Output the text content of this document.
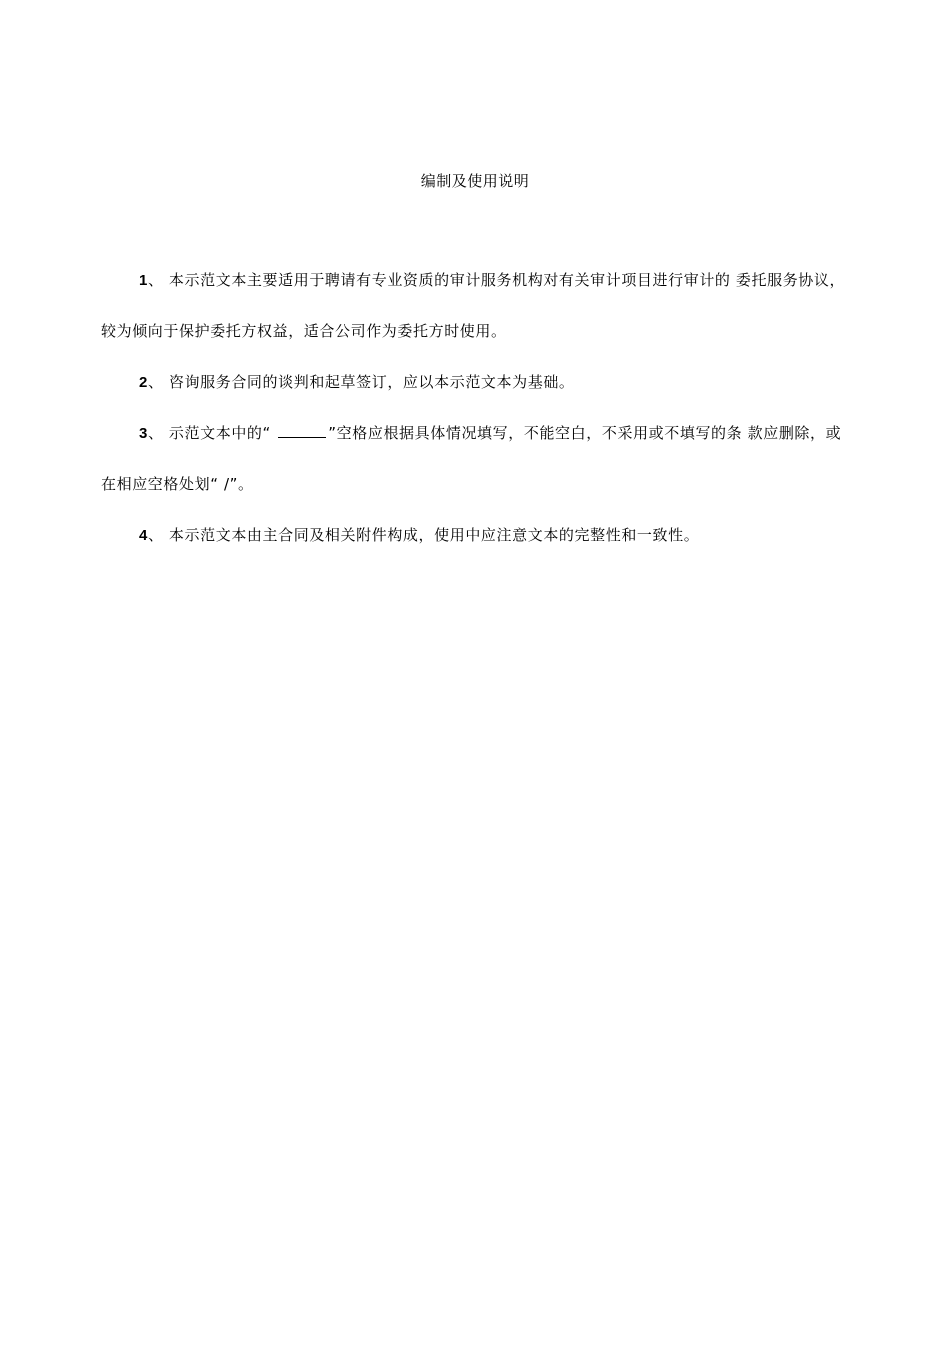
编制及使用说明

1、 本示范文本主要适用于聘请有专业资质的审计服务机构对有关审计项目进行审计的 委托服务协议，较为倾向于保护委托方权益，适合公司作为委托方时使用。

2、 咨询服务合同的谈判和起草签订，应以本示范文本为基础。

3、 示范文本中的“	”空格应根据具体情况填写，不能空白，不采用或不填写的条 款应删除，或在相应空格处划“ /”。

4、 本示范文本由主合同及相关附件构成，使用中应注意文本的完整性和一致性。
